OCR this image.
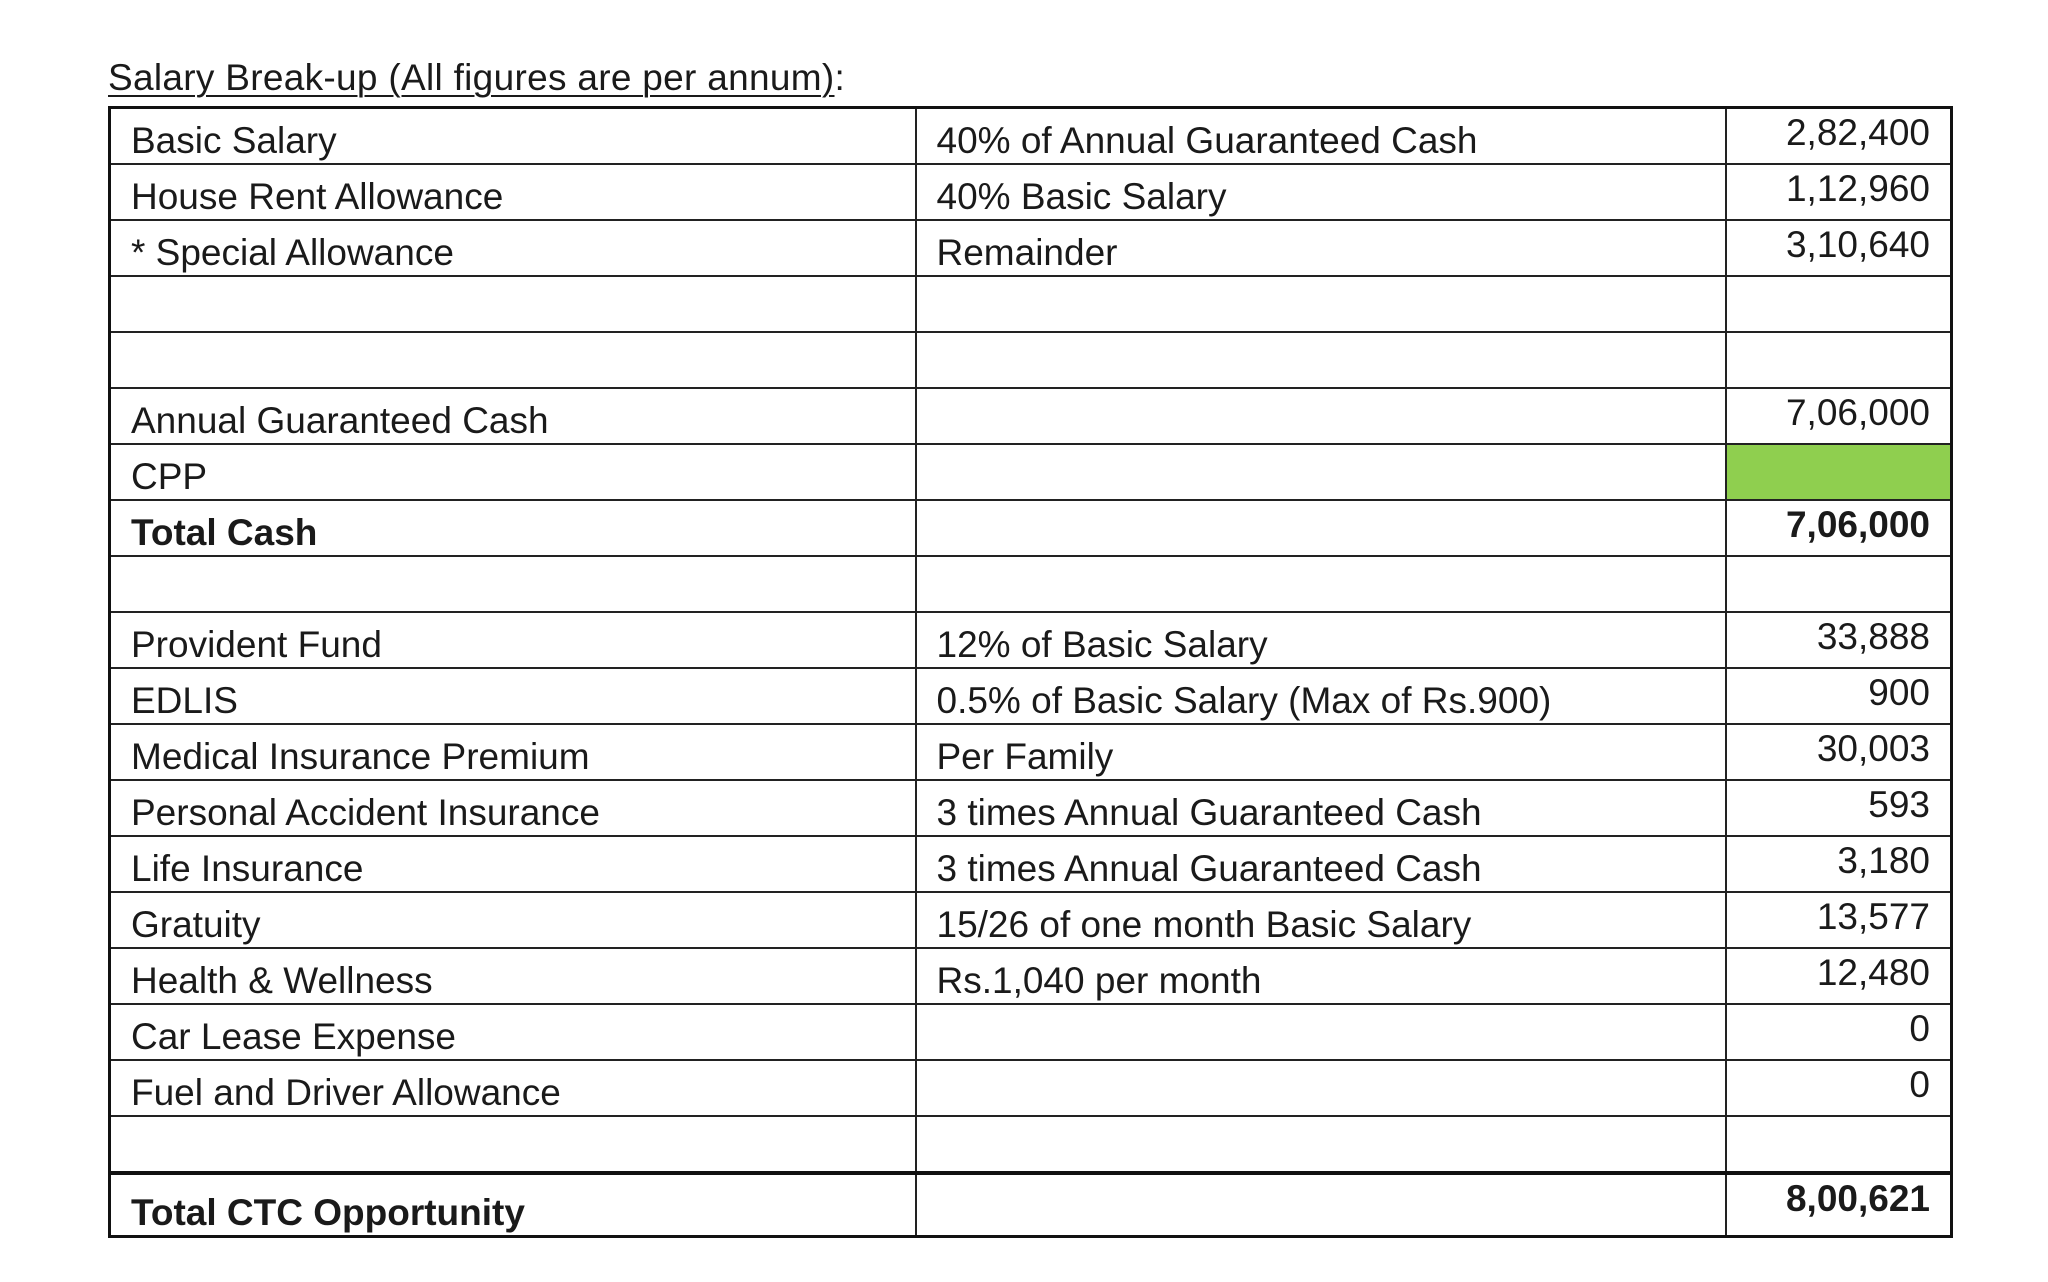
Salary Break-up (All figures are per annum):
Basic Salary	40% of Annual Guaranteed Cash	2,82,400
House Rent Allowance	40% Basic Salary	1,12,960
* Special Allowance	Remainder	3,10,640

Annual Guaranteed Cash		7,06,000
CPP		
Total Cash		7,06,000

Provident Fund	12% of Basic Salary	33,888
EDLIS	0.5% of Basic Salary (Max of Rs.900)	900
Medical Insurance Premium	Per Family	30,003
Personal Accident Insurance	3 times Annual Guaranteed Cash	593
Life Insurance	3 times Annual Guaranteed Cash	3,180
Gratuity	15/26 of one month Basic Salary	13,577
Health & Wellness	Rs.1,040 per month	12,480
Car Lease Expense		0
Fuel and Driver Allowance		0

Total CTC Opportunity		8,00,621
